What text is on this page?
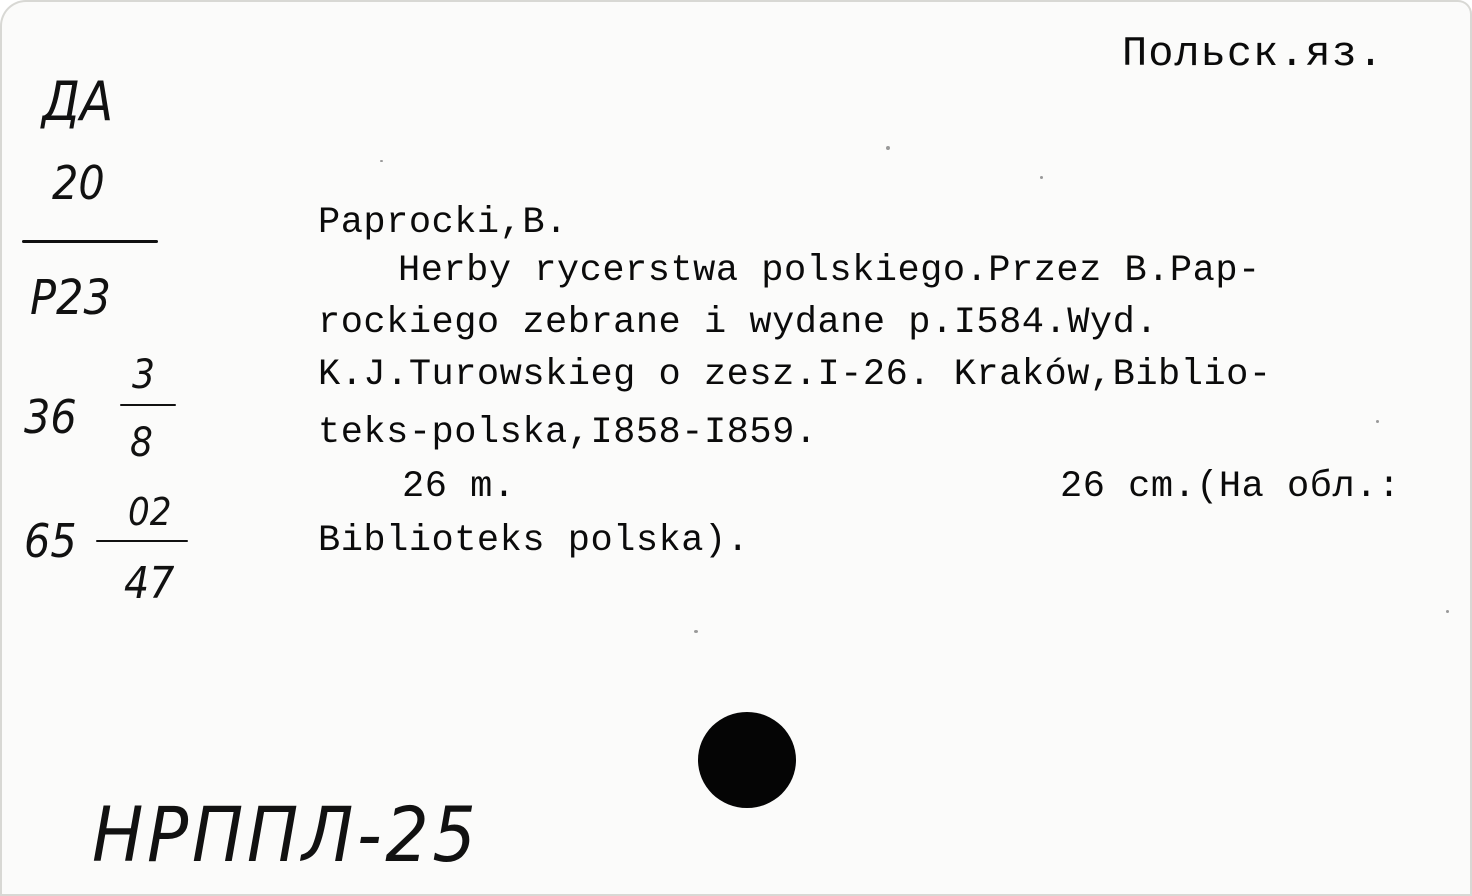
Польск.яз.
ДА
20
P23
36
3
8
65
02
47
Paprocki,B.
Herby rycerstwa polskiego.Przez B.Pap-
rockiego zebrane i wydane p.I584.Wyd.
K.J.Turowskieg o zesz.I-26. Kraków,Biblio-
teks-polska,I858-I859.
26 m.	26 cm.(На обл.:
Biblioteks polska).
НРППЛ-25
